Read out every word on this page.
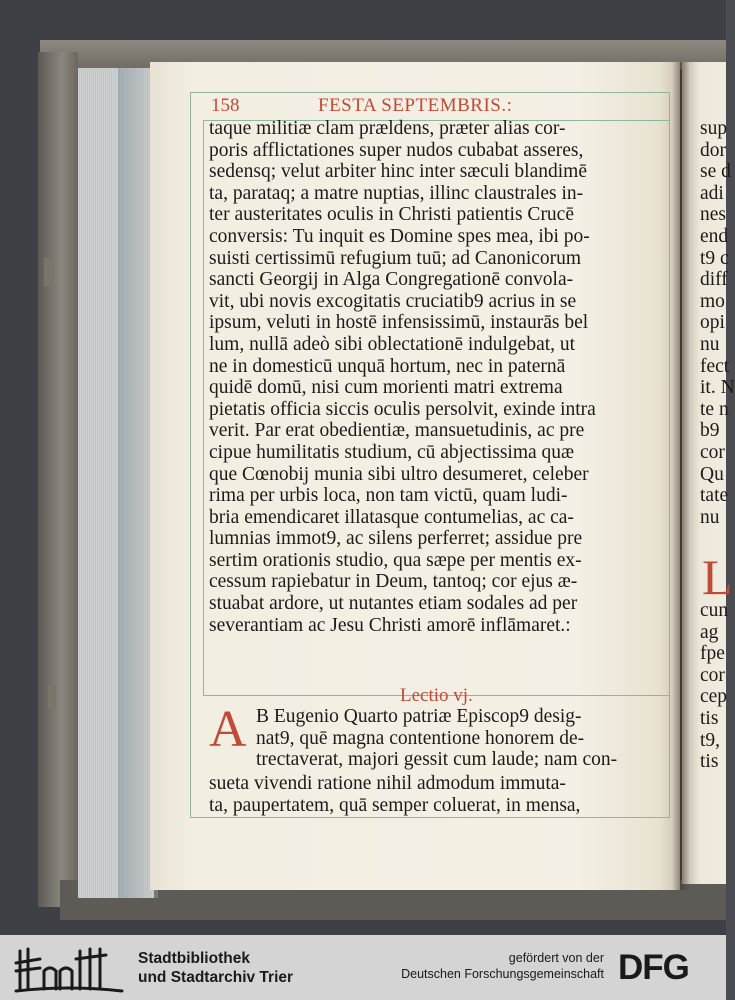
158	FESTA SEPTEMBRIS.:
taque militiæ clam prældens, præter alias cor-
poris afflictationes super nudos cubabat asseres,
sedensq; velut arbiter hinc inter sæculi blandimē
ta, parataq; a matre nuptias, illinc claustrales in-
ter austeritates oculis in Christi patientis Crucē
conversis: Tu inquit es Domine spes mea, ibi po-
suisti certissimū refugium tuū; ad Canonicorum
sancti Georgij in Alga Congregationē convola-
vit, ubi novis excogitatis cruciatib9 acrius in se
ipsum, veluti in hostē infensissimū, instaurās bel
lum, nullā adeò sibi oblectationē indulgebat, ut
ne in domesticū unquā hortum, nec in paternā
quidē domū, nisi cum morienti matri extrema
pietatis officia siccis oculis persolvit, exinde intra
verit. Par erat obedientiæ, mansuetudinis, ac pre
cipue humilitatis studium, cū abjectissima quæ
que Cœnobij munia sibi ultro desumeret, celeber
rima per urbis loca, non tam victū, quam ludi-
bria emendicaret illatasque contumelias, ac ca-
lumnias immot9, ac silens perferret; assidue pre
sertim orationis studio, qua sæpe per mentis ex-
cessum rapiebatur in Deum, tantoq; cor ejus æ-
stuabat ardore, ut nutantes etiam sodales ad per
severantiam ac Jesu Christi amorē inflāmaret.:
Lectio vj.
A B Eugenio Quarto patriæ Episcop9 desig-
nat9, quē magna contentione honorem de-
trectaverat, majori gessit cum laude; nam con-
sueta vivendi ratione nihil admodum immuta-
ta, paupertatem, quā semper coluerat, in mensa,
sup
dor
se d
adi
nes
end
t9 c
diff
mo
opi
nu
fect
it. N
te n
b9
cor
Qu
tate
nu
L
cun
ag
fpe
cor
cep
tis
t9,
tis
Stadtbibliothek
und Stadtarchiv Trier
gefördert von der
Deutschen Forschungsgemeinschaft DFG
